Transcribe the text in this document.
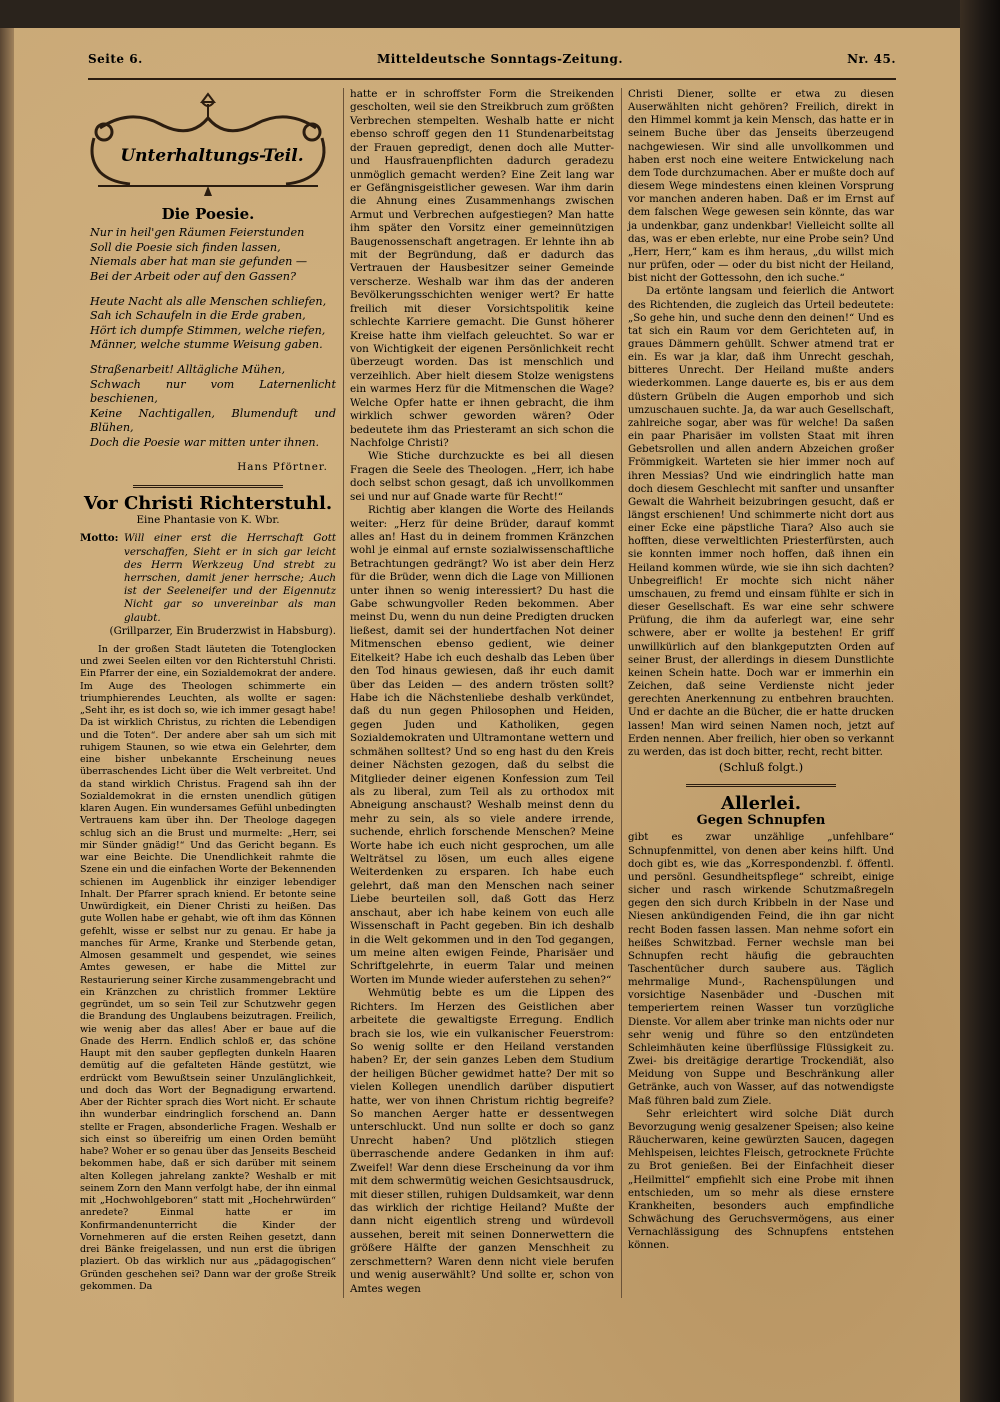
Seite 6.	Mitteldeutsche Sonntags-Zeitung.	Nr. 45.
Unterhaltungs-Teil.
Die Poesie.
Nur in heil'gen Räumen Feierstunden
Soll die Poesie sich finden lassen,
Niemals aber hat man sie gefunden —
Bei der Arbeit oder auf den Gassen?
Heute Nacht als alle Menschen schliefen,
Sah ich Schaufeln in die Erde graben,
Hört ich dumpfe Stimmen, welche riefen,
Männer, welche stumme Weisung gaben.
Straßenarbeit! Alltägliche Mühen,
Schwach nur vom Laternenlicht beschienen,
Keine Nachtigallen, Blumenduft und Blühen,
Doch die Poesie war mitten unter ihnen.
Hans Pförtner.
Vor Christi Richterstuhl.
Eine Phantasie von K. Wbr.
Motto: Will einer erst die Herrschaft Gott verschaffen, Sieht er in sich gar leicht des Herrn Werkzeug Und strebt zu herrschen, damit jener herrsche; Auch ist der Seeleneifer und der Eigennutz Nicht gar so unvereinbar als man glaubt.
(Grillparzer, Ein Bruderzwist in Habsburg).

In der großen Stadt läuteten die Totenglocken und zwei Seelen eilten vor den Richterstuhl Christi. Ein Pfarrer der eine, ein Sozialdemokrat der andere. Im Auge des Theologen schimmerte ein triumphierendes Leuchten, als wollte er sagen: „Seht ihr, es ist doch so, wie ich immer gesagt habe! Da ist wirklich Christus, zu richten die Lebendigen und die Toten“. Der andere aber sah um sich mit ruhigem Staunen, so wie etwa ein Gelehrter, dem eine bisher unbekannte Erscheinung neues überraschendes Licht über die Welt verbreitet. Und da stand wirklich Christus. Fragend sah ihn der Sozialdemokrat in die ernsten unendlich gütigen klaren Augen. Ein wundersames Gefühl unbedingten Vertrauens kam über ihn. Der Theologe dagegen schlug sich an die Brust und murmelte: „Herr, sei mir Sünder gnädig!“ Und das Gericht begann. Es war eine Beichte. Die Unendlichkeit rahmte die Szene ein und die einfachen Worte der Bekennenden schienen im Augenblick ihr einziger lebendiger Inhalt. Der Pfarrer sprach kniend. Er betonte seine Unwürdigkeit, ein Diener Christi zu heißen. Das gute Wollen habe er gehabt, wie oft ihm das Können gefehlt, wisse er selbst nur zu genau. Er habe ja manches für Arme, Kranke und Sterbende getan, Almosen gesammelt und gespendet, wie seines Amtes gewesen, er habe die Mittel zur Restaurierung seiner Kirche zusammengebracht und ein Kränzchen zu christlich frommer Lektüre gegründet, um so sein Teil zur Schutzwehr gegen die Brandung des Unglaubens beizutragen. Freilich, wie wenig aber das alles! Aber er baue auf die Gnade des Herrn. Endlich schloß er, das schöne Haupt mit den sauber gepflegten dunkeln Haaren demütig auf die gefalteten Hände gestützt, wie erdrückt vom Bewußtsein seiner Unzulänglichkeit, und doch das Wort der Begnadigung erwartend. Aber der Richter sprach dies Wort nicht. Er schaute ihn wunderbar eindringlich forschend an. Dann stellte er Fragen, absonderliche Fragen. Weshalb er sich einst so übereifrig um einen Orden bemüht habe? Woher er so genau über das Jenseits Bescheid bekommen habe, daß er sich darüber mit seinem alten Kollegen jahrelang zankte? Weshalb er mit seinem Zorn den Mann verfolgt habe, der ihn einmal mit „Hochwohlgeboren“ statt mit „Hochehrwürden“ anredete? Einmal hatte er im Konfirmandenunterricht die Kinder der Vornehmeren auf die ersten Reihen gesetzt, dann drei Bänke freigelassen, und nun erst die übrigen plaziert. Ob das wirklich nur aus „pädagogischen“ Gründen geschehen sei? Dann war der große Streik gekommen. Da

hatte er in schroffster Form die Streikenden gescholten, weil sie den Streikbruch zum größten Verbrechen stempelten. Weshalb hatte er nicht ebenso schroff gegen den 11 Stundenarbeitstag der Frauen gepredigt, denen doch alle Mutter- und Hausfrauenpflichten dadurch geradezu unmöglich gemacht werden? Eine Zeit lang war er Gefängnisgeistlicher gewesen. War ihm darin die Ahnung eines Zusammenhangs zwischen Armut und Verbrechen aufgestiegen? Man hatte ihm später den Vorsitz einer gemeinnützigen Baugenossenschaft angetragen. Er lehnte ihn ab mit der Begründung, daß er dadurch das Vertrauen der Hausbesitzer seiner Gemeinde verscherze. Weshalb war ihm das der anderen Bevölkerungsschichten weniger wert? Er hatte freilich mit dieser Vorsichtspolitik keine schlechte Karriere gemacht. Die Gunst höherer Kreise hatte ihm vielfach geleuchtet. So war er von Wichtigkeit der eigenen Persönlichkeit recht überzeugt worden. Das ist menschlich und verzeihlich. Aber hielt diesem Stolze wenigstens ein warmes Herz für die Mitmenschen die Wage? Welche Opfer hatte er ihnen gebracht, die ihm wirklich schwer geworden wären? Oder bedeutete ihm das Priesteramt an sich schon die Nachfolge Christi?

Wie Stiche durchzuckte es bei all diesen Fragen die Seele des Theologen. „Herr, ich habe doch selbst schon gesagt, daß ich unvollkommen sei und nur auf Gnade warte für Recht!“

Richtig aber klangen die Worte des Heilands weiter: „Herz für deine Brüder, darauf kommt alles an! Hast du in deinem frommen Kränzchen wohl je einmal auf ernste sozialwissenschaftliche Betrachtungen gedrängt? Wo ist aber dein Herz für die Brüder, wenn dich die Lage von Millionen unter ihnen so wenig interessiert? Du hast die Gabe schwungvoller Reden bekommen. Aber meinst Du, wenn du nun deine Predigten drucken ließest, damit sei der hundertfachen Not deiner Mitmenschen ebenso gedient, wie deiner Eitelkeit? Habe ich euch deshalb das Leben über den Tod hinaus gewiesen, daß ihr euch damit über das Leiden — des andern trösten sollt? Habe ich die Nächstenliebe deshalb verkündet, daß du nun gegen Philosophen und Heiden, gegen Juden und Katholiken, gegen Sozialdemokraten und Ultramontane wettern und schmähen solltest? Und so eng hast du den Kreis deiner Nächsten gezogen, daß du selbst die Mitglieder deiner eigenen Konfession zum Teil als zu liberal, zum Teil als zu orthodox mit Abneigung anschaust? Weshalb meinst denn du mehr zu sein, als so viele andere irrende, suchende, ehrlich forschende Menschen? Meine Worte habe ich euch nicht gesprochen, um alle Welträtsel zu lösen, um euch alles eigene Weiterdenken zu ersparen. Ich habe euch gelehrt, daß man den Menschen nach seiner Liebe beurteilen soll, daß Gott das Herz anschaut, aber ich habe keinem von euch alle Wissenschaft in Pacht gegeben. Bin ich deshalb in die Welt gekommen und in den Tod gegangen, um meine alten ewigen Feinde, Pharisäer und Schriftgelehrte, in euerm Talar und meinen Worten im Munde wieder auferstehen zu sehen?“

Wehmütig bebte es um die Lippen des Richters. Im Herzen des Geistlichen aber arbeitete die gewaltigste Erregung. Endlich brach sie los, wie ein vulkanischer Feuerstrom: So wenig sollte er den Heiland verstanden haben? Er, der sein ganzes Leben dem Studium der heiligen Bücher gewidmet hatte? Der mit so vielen Kollegen unendlich darüber disputiert hatte, wer von ihnen Christum richtig begreife? So manchen Aerger hatte er dessentwegen unterschluckt. Und nun sollte er doch so ganz Unrecht haben? Und plötzlich stiegen überraschende andere Gedanken in ihm auf: Zweifel! War denn diese Erscheinung da vor ihm mit dem schwermütig weichen Gesichtsausdruck, mit dieser stillen, ruhigen Duldsamkeit, war denn das wirklich der richtige Heiland? Mußte der dann nicht eigentlich streng und würdevoll aussehen, bereit mit seinen Donnerwettern die größere Hälfte der ganzen Menschheit zu zerschmettern? Waren denn nicht viele berufen und wenig auserwählt? Und sollte er, schon von Amtes wegen

Christi Diener, sollte er etwa zu diesen Auserwählten nicht gehören? Freilich, direkt in den Himmel kommt ja kein Mensch, das hatte er in seinem Buche über das Jenseits überzeugend nachgewiesen. Wir sind alle unvollkommen und haben erst noch eine weitere Entwickelung nach dem Tode durchzumachen. Aber er mußte doch auf diesem Wege mindestens einen kleinen Vorsprung vor manchen anderen haben. Daß er im Ernst auf dem falschen Wege gewesen sein könnte, das war ja undenkbar, ganz undenkbar! Vielleicht sollte all das, was er eben erlebte, nur eine Probe sein? Und „Herr, Herr,“ kam es ihm heraus, „du willst mich nur prüfen, oder — oder du bist nicht der Heiland, bist nicht der Gottessohn, den ich suche.“

Da ertönte langsam und feierlich die Antwort des Richtenden, die zugleich das Urteil bedeutete: „So gehe hin, und suche denn den deinen!“ Und es tat sich ein Raum vor dem Gerichteten auf, in graues Dämmern gehüllt. Schwer atmend trat er ein. Es war ja klar, daß ihm Unrecht geschah, bitteres Unrecht. Der Heiland mußte anders wiederkommen. Lange dauerte es, bis er aus dem düstern Grübeln die Augen emporhob und sich umzuschauen suchte. Ja, da war auch Gesellschaft, zahlreiche sogar, aber was für welche! Da saßen ein paar Pharisäer im vollsten Staat mit ihren Gebetsrollen und allen andern Abzeichen großer Frömmigkeit. Warteten sie hier immer noch auf ihren Messias? Und wie eindringlich hatte man doch diesem Geschlecht mit sanfter und unsanfter Gewalt die Wahrheit beizubringen gesucht, daß er längst erschienen! Und schimmerte nicht dort aus einer Ecke eine päpstliche Tiara? Also auch sie hofften, diese verweltlichten Priesterfürsten, auch sie konnten immer noch hoffen, daß ihnen ein Heiland kommen würde, wie sie ihn sich dachten? Unbegreiflich! Er mochte sich nicht näher umschauen, zu fremd und einsam fühlte er sich in dieser Gesellschaft. Es war eine sehr schwere Prüfung, die ihm da auferlegt war, eine sehr schwere, aber er wollte ja bestehen! Er griff unwillkürlich auf den blankgeputzten Orden auf seiner Brust, der allerdings in diesem Dunstlichte keinen Schein hatte. Doch war er immerhin ein Zeichen, daß seine Verdienste nicht jeder gerechten Anerkennung zu entbehren brauchten. Und er dachte an die Bücher, die er hatte drucken lassen! Man wird seinen Namen noch, jetzt auf Erden nennen. Aber freilich, hier oben so verkannt zu werden, das ist doch bitter, recht, recht bitter.

(Schluß folgt.)
Allerlei.
Gegen Schnupfen

gibt es zwar unzählige „unfehlbare“ Schnupfenmittel, von denen aber keins hilft. Und doch gibt es, wie das „Korrespondenzbl. f. öffentl. und persönl. Gesundheitspflege“ schreibt, einige sicher und rasch wirkende Schutzmaßregeln gegen den sich durch Kribbeln in der Nase und Niesen ankündigenden Feind, die ihn gar nicht recht Boden fassen lassen. Man nehme sofort ein heißes Schwitzbad. Ferner wechsle man bei Schnupfen recht häufig die gebrauchten Taschentücher durch saubere aus. Täglich mehrmalige Mund-, Rachenspülungen und vorsichtige Nasenbäder und -Duschen mit temperiertem reinen Wasser tun vorzügliche Dienste. Vor allem aber trinke man nichts oder nur sehr wenig und führe so den entzündeten Schleimhäuten keine überflüssige Flüssigkeit zu. Zwei- bis dreitägige derartige Trockendiät, also Meidung von Suppe und Beschränkung aller Getränke, auch von Wasser, auf das notwendigste Maß führen bald zum Ziele.

Sehr erleichtert wird solche Diät durch Bevorzugung wenig gesalzener Speisen; also keine Räucherwaren, keine gewürzten Saucen, dagegen Mehlspeisen, leichtes Fleisch, getrocknete Früchte zu Brot genießen. Bei der Einfachheit dieser „Heilmittel“ empfiehlt sich eine Probe mit ihnen entschieden, um so mehr als diese ernstere Krankheiten, besonders auch empfindliche Schwächung des Geruchsvermögens, aus einer Vernachlässigung des Schnupfens entstehen können.
